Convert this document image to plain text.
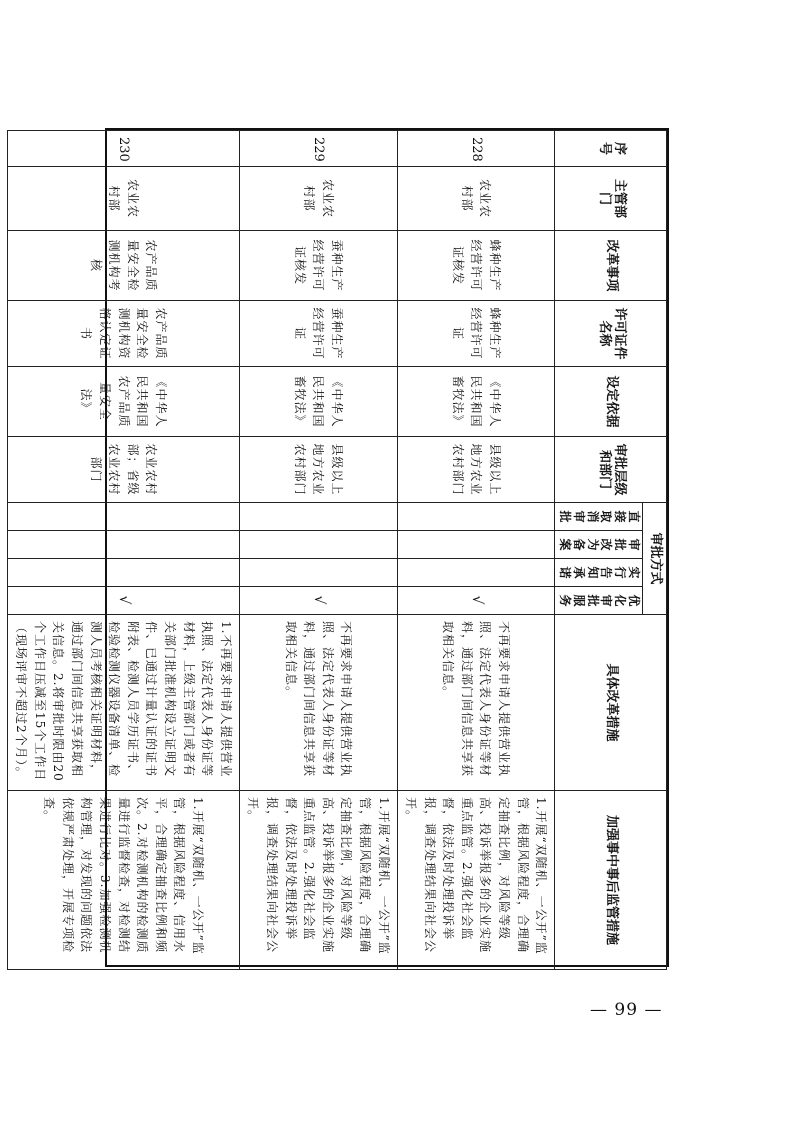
序号	主管部门	改革事项	许可证件名称	设定依据	审批层级和部门	审批方式				具体改革措施	加强事中事后监管措施
						直接取消审批	审批改为备案	实行告知承诺	优化审批服务		
228	农业农村部	蜂种生产经营许可证核发	蜂种生产经营许可证	《中华人民共和国畜牧法》	县级以上地方农业农村部门				√	不再要求申请人提供营业执照、法定代表人身份证等材料，通过部门间信息共享获取相关信息。	1.开展“双随机、一公开”监管，根据风险程度，合理确定抽查比例，对风险等级高、投诉举报多的企业实施重点监管。2.强化社会监督，依法及时处理投诉举报，调查处理结果向社会公开。
229	农业农村部	蚕种生产经营许可证核发	蚕种生产经营许可证	《中华人民共和国畜牧法》	县级以上地方农业农村部门				√	不再要求申请人提供营业执照、法定代表人身份证等材料，通过部门间信息共享获取相关信息。	1.开展“双随机、一公开”监管，根据风险程度，合理确定抽查比例，对风险等级高、投诉举报多的企业实施重点监管。2.强化社会监督，依法及时处理投诉举报，调查处理结果向社会公开。
230	农业农村部	农产品质量安全检测机构考核	农产品质量安全检测机构资格认定证书	《中华人民共和国农产品质量安全法》	农业农村部；省级农业农村部门				√	1.不再要求申请人提供营业执照、法定代表人身份证等材料，上级主管部门或者有关部门批准机构设立证明文件、已通过计量认证的证书附表、检测人员学历证书、检验检测仪器设备清单、检测人员考核相关证明材料，通过部门间信息共享获取相关信息。2.将审批时限由20个工作日压减至15个工作日（现场评审不超过2个月）。	1.开展“双随机、一公开”监管，根据风险程度、信用水平，合理确定抽查比例和频次。2.对检测机构的检测质量进行监督检查，对检测结果进行比对。3.加强检测机构管理，对发现的问题依法依规严肃处理，开展专项检查。
— 99 —
